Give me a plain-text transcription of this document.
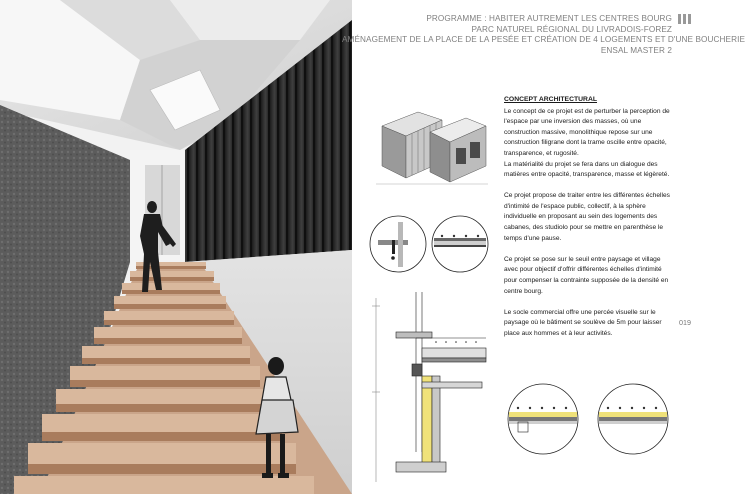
PROGRAMME : HABITER AUTREMENT LES CENTRES BOURG
PARC NATUREL RÉGIONAL DU LIVRADOIS-FOREZ
AMÉNAGEMENT DE LA PLACE DE LA PESÉE ET CRÉATION DE 4 LOGEMENTS ET D'UNE BOUCHERIE
ENSAL MASTER 2
CONCEPT ARCHITECTURAL

Le concept de ce projet est de perturber la perception de l'espace par une inversion des masses, où une construction massive, monolithique repose sur une construction filigrane dont la trame oscille entre opacité, transparence, et rugosité.

La matérialité du projet se fera dans un dialogue des matières entre opacité, transparence, masse et légèreté.

Ce projet propose de traiter entre les différentes échelles d'intimité de l'espace public, collectif, à la sphère individuelle en proposant au sein des logements des cabanes, des studiolo pour se mettre en parenthèse le temps d'une pause.

Ce projet se pose sur le seuil entre paysage et village avec pour objectif d'offrir différentes échelles d'intimité pour compenser la contrainte supposée de la densité en centre bourg.

Le socle commercial offre une percée visuelle sur le paysage où le bâtiment se soulève de 5m pour laisser place aux hommes et à leur activités.

019
